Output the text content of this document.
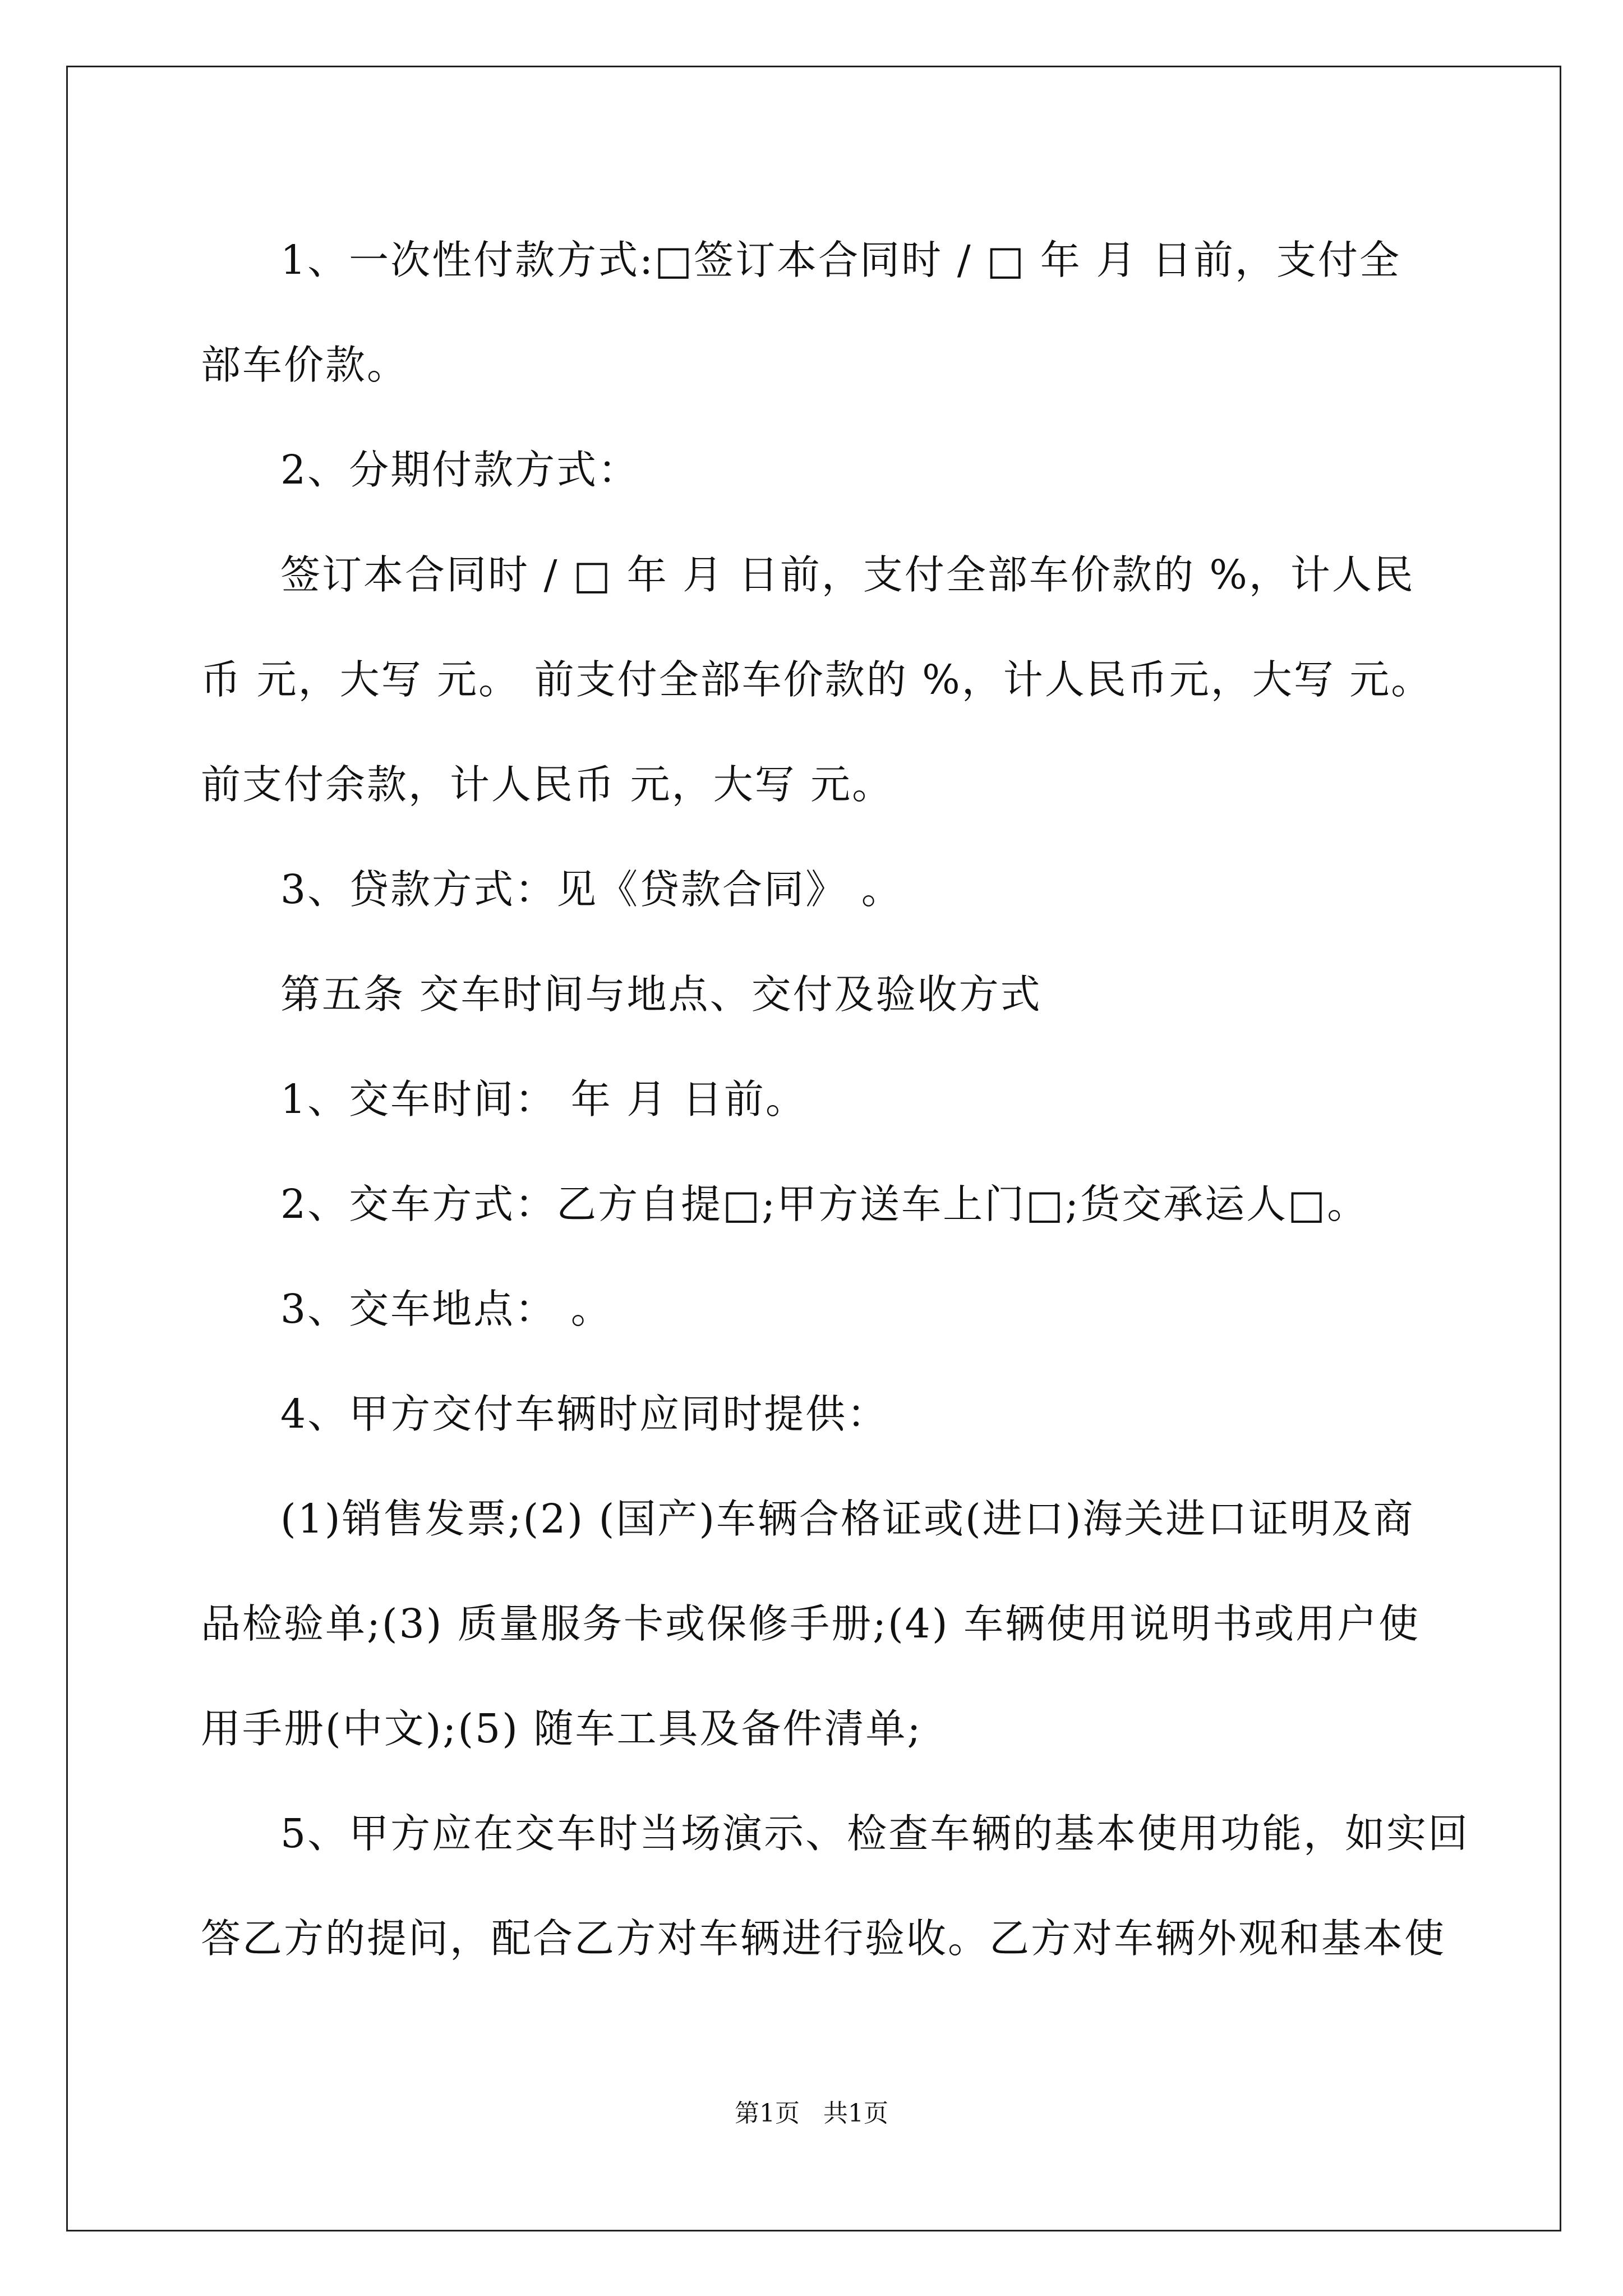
1、一次性付款方式:□签订本合同时 / □ 年 月 日前，支付全

部车价款。

2、分期付款方式：

签订本合同时 / □ 年 月 日前，支付全部车价款的 %，计人民

币 元，大写 元。 前支付全部车价款的 %，计人民币元，大写 元。

前支付余款，计人民币 元，大写 元。

3、贷款方式：见《贷款合同》 。

第五条 交车时间与地点、交付及验收方式

1、交车时间： 年 月 日前。

2、交车方式：乙方自提□;甲方送车上门□;货交承运人□。

3、交车地点： 。

4、甲方交付车辆时应同时提供：

(1)销售发票;(2) (国产)车辆合格证或(进口)海关进口证明及商

品检验单;(3) 质量服务卡或保修手册;(4) 车辆使用说明书或用户使

用手册(中文);(5) 随车工具及备件清单;

5、甲方应在交车时当场演示、检查车辆的基本使用功能，如实回

答乙方的提问，配合乙方对车辆进行验收。乙方对车辆外观和基本使

第1页   共1页
